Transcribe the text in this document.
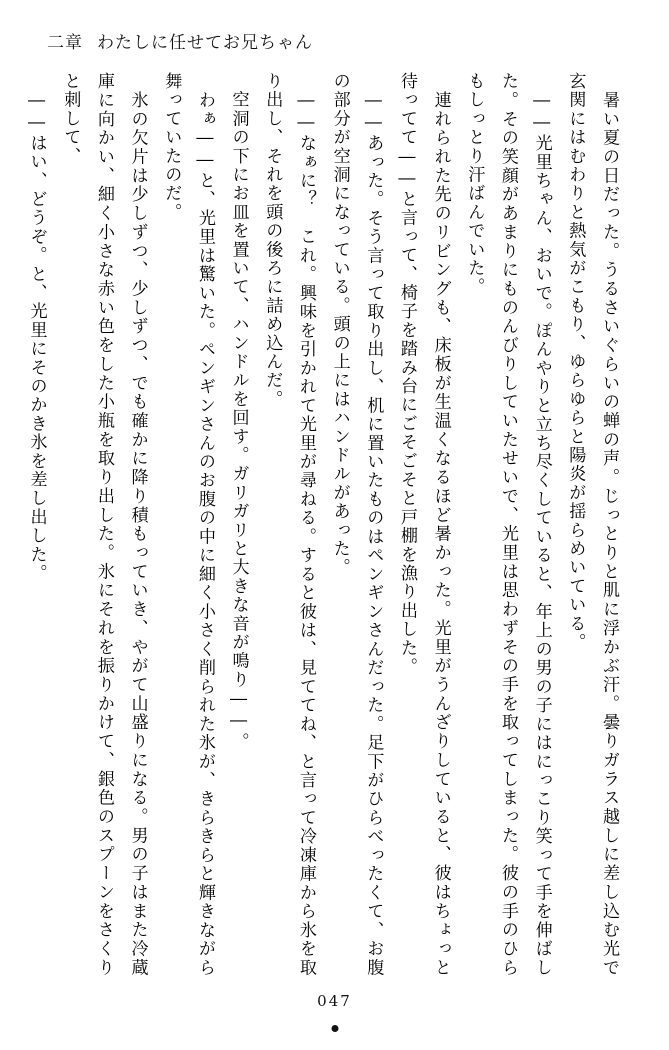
二章 わたしに任せてお兄ちゃん

　暑い夏の日だった。うるさいぐらいの蝉の声。じっとりと肌に浮かぶ汗。曇りガラス越しに差し込む光で玄関にはむわりと熱気がこもり、ゆらゆらと陽炎が揺らめいている。

　――光里ちゃん、おいで。ぽんやりと立ち尽くしていると、年上の男の子にはにっこり笑って手を伸ばした。その笑顔があまりにものんびりしていたせいで、光里は思わずその手を取ってしまった。彼の手のひらもしっとり汗ばんでいた。

　連れられた先のリビングも、床板が生温くなるほど暑かった。光里がうんざりしていると、彼はちょっと待ってて――と言って、椅子を踏み台にごそごそと戸棚を漁り出した。

　――あった。そう言って取り出し、机に置いたものはペンギンさんだった。足下がひらべったくて、お腹の部分が空洞になっている。頭の上にはハンドルがあった。

　――なぁに？　これ。興味を引かれて光里が尋ねる。すると彼は、見ててね、と言って冷凍庫から氷を取り出し、それを頭の後ろに詰め込んだ。

　空洞の下にお皿を置いて、ハンドルを回す。ガリガリと大きな音が鳴り――。

　わぁ――と、光里は驚いた。ペンギンさんのお腹の中に細く小さく削られた氷が、きらきらと輝きながら舞っていたのだ。

　氷の欠片は少しずつ、少しずつ、でも確かに降り積もっていき、やがて山盛りになる。男の子はまた冷蔵庫に向かい、細く小さな赤い色をした小瓶を取り出した。氷にそれを振りかけて、銀色のスプーンをさくりと刺して、

　――はい、どうぞ。と、光里にそのかき氷を差し出した。

047
